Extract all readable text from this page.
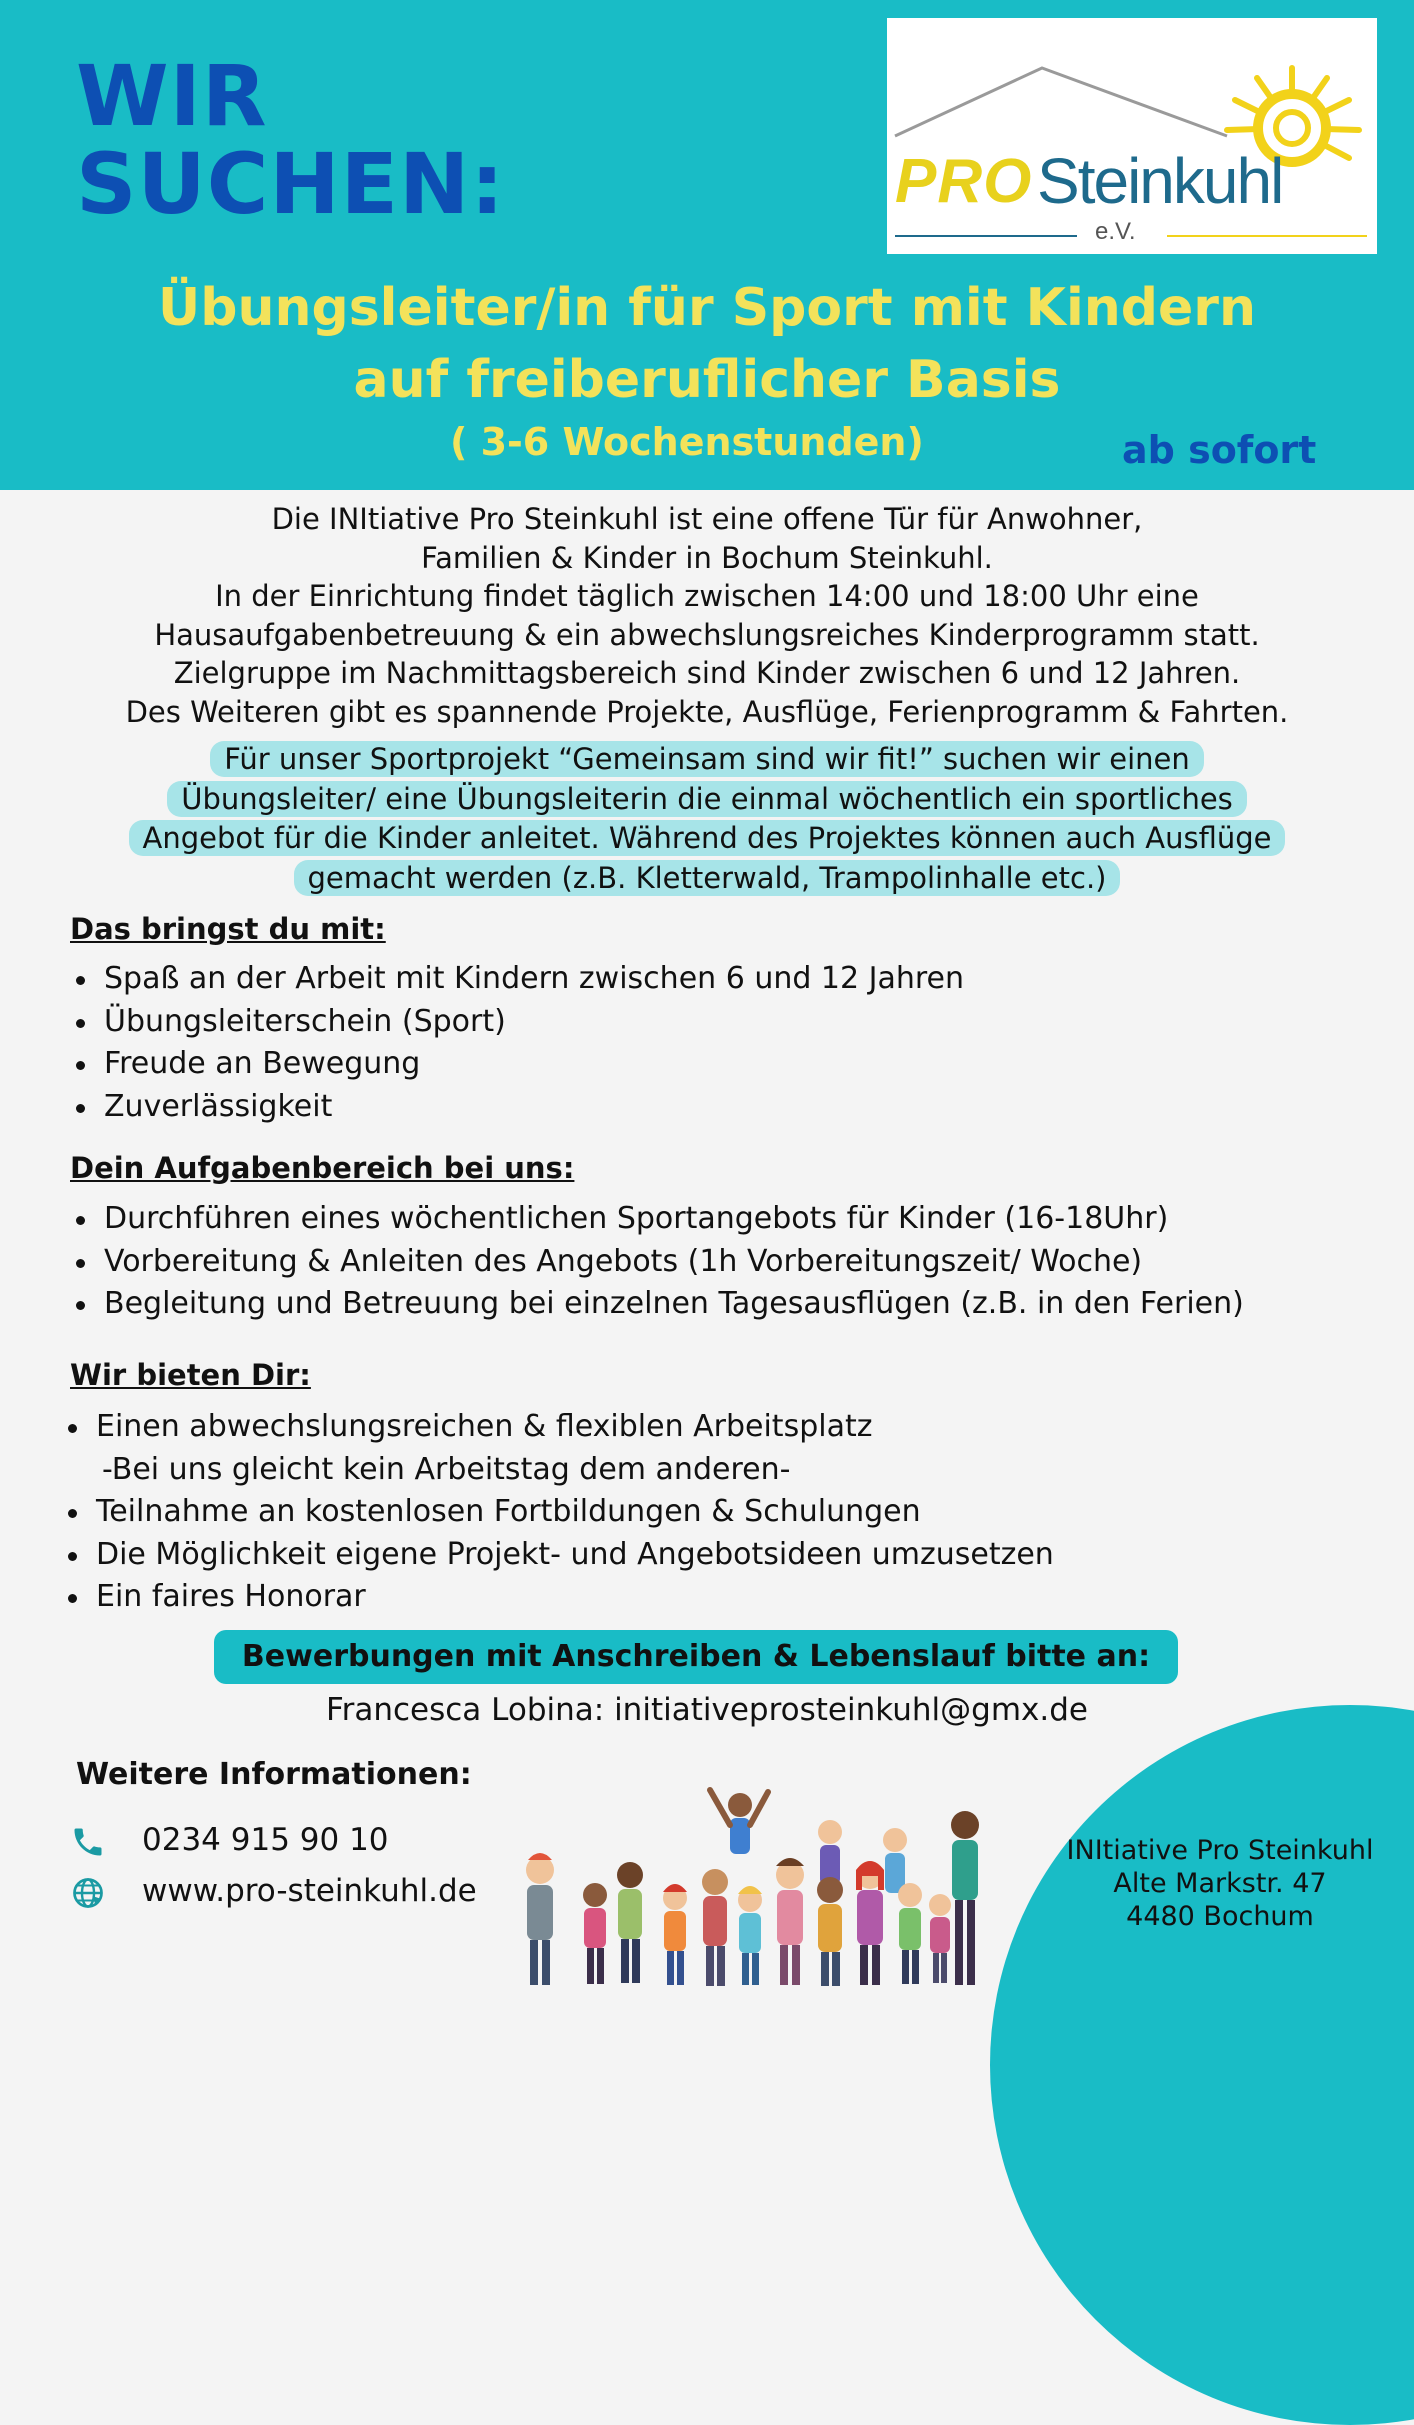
WIR
SUCHEN:	PRO Steinkuhl
e.V.
Übungsleiter/in für Sport mit Kindern
auf freiberuflicher Basis
( 3-6 Wochenstunden)	ab sofort
Die INItiative Pro Steinkuhl ist eine offene Tür für Anwohner,
Familien & Kinder in Bochum Steinkuhl.
In der Einrichtung findet täglich zwischen 14:00 und 18:00 Uhr eine
Hausaufgabenbetreuung & ein abwechslungsreiches Kinderprogramm statt.
Zielgruppe im Nachmittagsbereich sind Kinder zwischen 6 und 12 Jahren.
Des Weiteren gibt es spannende Projekte, Ausflüge, Ferienprogramm & Fahrten.
Für unser Sportprojekt “Gemeinsam sind wir fit!” suchen wir einen
Übungsleiter/ eine Übungsleiterin die einmal wöchentlich ein sportliches
Angebot für die Kinder anleitet. Während des Projektes können auch Ausflüge
gemacht werden (z.B. Kletterwald, Trampolinhalle etc.)
Das bringst du mit:
Spaß an der Arbeit mit Kindern zwischen 6 und 12 Jahren
Übungsleiterschein (Sport)
Freude an Bewegung
Zuverlässigkeit
Dein Aufgabenbereich bei uns:
Durchführen eines wöchentlichen Sportangebots für Kinder (16-18Uhr)
Vorbereitung & Anleiten des Angebots (1h Vorbereitungszeit/ Woche)
Begleitung und Betreuung bei einzelnen Tagesausflügen (z.B. in den Ferien)
Wir bieten Dir:
Einen abwechslungsreichen & flexiblen Arbeitsplatz
-Bei uns gleicht kein Arbeitstag dem anderen-
Teilnahme an kostenlosen Fortbildungen & Schulungen
Die Möglichkeit eigene Projekt- und Angebotsideen umzusetzen
Ein faires Honorar
Bewerbungen mit Anschreiben & Lebenslauf bitte an:
Francesca Lobina: initiativeprosteinkuhl@gmx.de
INItiative Pro Steinkuhl
Alte Markstr. 47
4480 Bochum
Weitere Informationen:
0234 915 90 10
www.pro-steinkuhl.de
